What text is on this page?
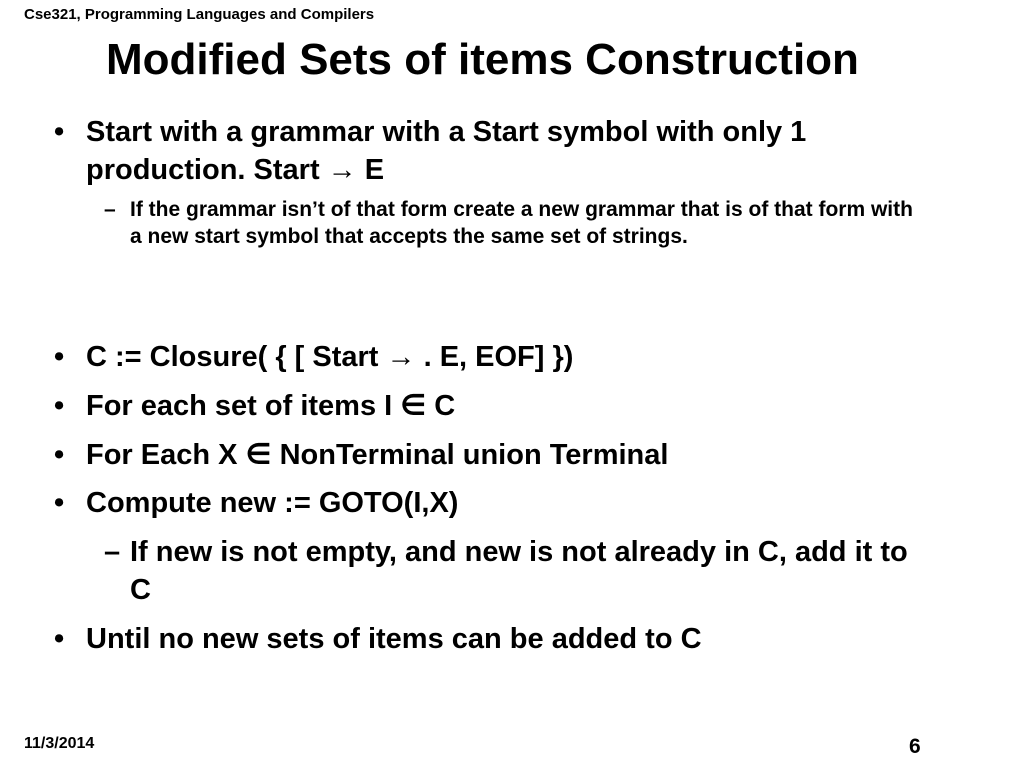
Cse321, Programming Languages and Compilers
Modified Sets of items Construction
• Start with a grammar with a Start symbol with only 1 production. Start → E
– If the grammar isn’t of that form create a new grammar that is of that form with a new start symbol that accepts the same set of strings.
• C := Closure( { [ Start → . E, EOF] })
• For each set of items I ∈ C
• For Each X ∈ NonTerminal union Terminal
• Compute new := GOTO(I,X)
– If new is not empty, and new is not already in C, add it to C
• Until no new sets of items can be added to C
11/3/2014	6
